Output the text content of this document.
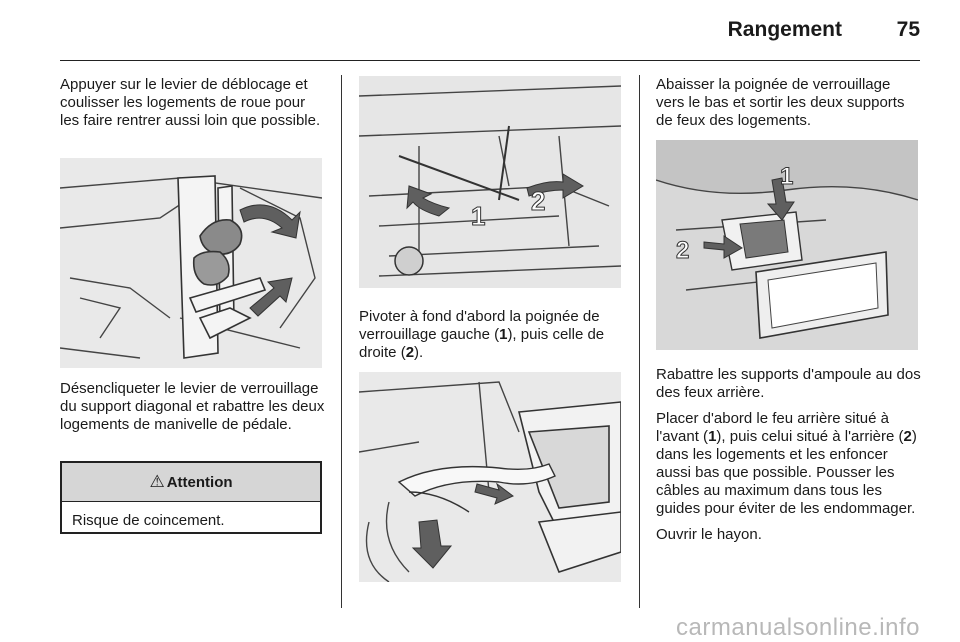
Rangement	75

Appuyer sur le levier de déblocage et coulisser les logements de roue pour les faire rentrer aussi loin que possible.

Désencliqueter le levier de verrouillage du support diagonal et rabattre les deux logements de manivelle de pédale.

⚠ Attention
Risque de coincement.
1 2

Pivoter à fond d'abord la poignée de verrouillage gauche (1), puis celle de droite (2).

Abaisser la poignée de verrouillage vers le bas et sortir les deux supports de feux des logements.

1
2

Rabattre les supports d'ampoule au dos des feux arrière.

Placer d'abord le feu arrière situé à l'avant (1), puis celui situé à l'arrière (2) dans les logements et les enfoncer aussi bas que possible. Pousser les câbles au maximum dans tous les guides pour éviter de les endommager.

Ouvrir le hayon.

carmanualsonline.info
